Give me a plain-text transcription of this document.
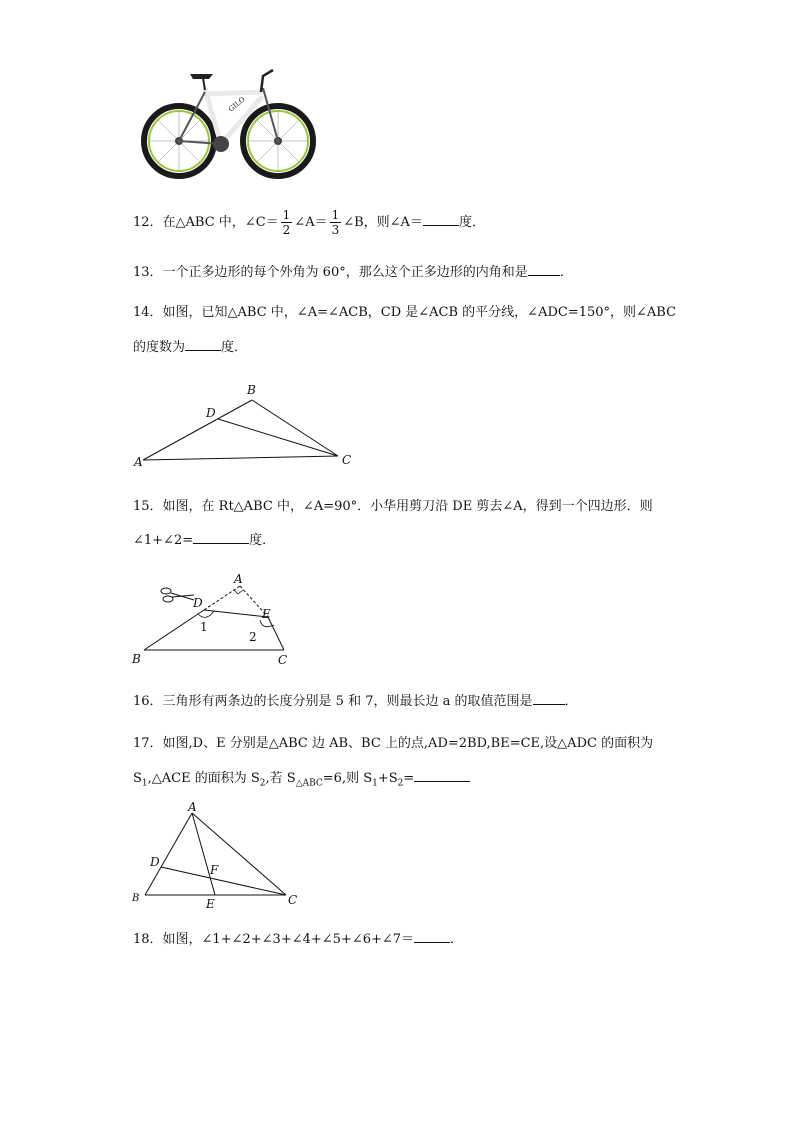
GILO
12．在△ABC 中，∠C＝ $\frac{1}{2}$ ∠A＝ $\frac{1}{3}$ ∠B，则∠A＝	度．
13．一个正多边形的每个外角为 60°，那么这个正多边形的内角和是 ．
14．如图，已知△ABC 中，∠A=∠ACB，CD 是∠ACB 的平分线，∠ADC=150°，则∠ABC
的度数为	度．
A
B
C
D
15．如图，在 Rt△ABC 中，∠A=90°．小华用剪刀沿 DE 剪去∠A，得到一个四边形．则
∠1+∠2=	度．
B	C
D
E
A
1
2
16．三角形有两条边的长度分别是 5 和 7，则最长边 a 的取值范围是 ．
17．如图,D、E 分别是△ABC 边 AB、BC 上的点,AD=2BD,BE=CE,设△ADC 的面积为
$S_1,\triangle ACE$ 的面积为 $S_2$,若 $S_{\triangle ABC}=6$,则 $S_1+S_2=$
A
B	C
D
E
F
18．如图，∠1+∠2+∠3+∠4+∠5+∠6+∠7＝	．
